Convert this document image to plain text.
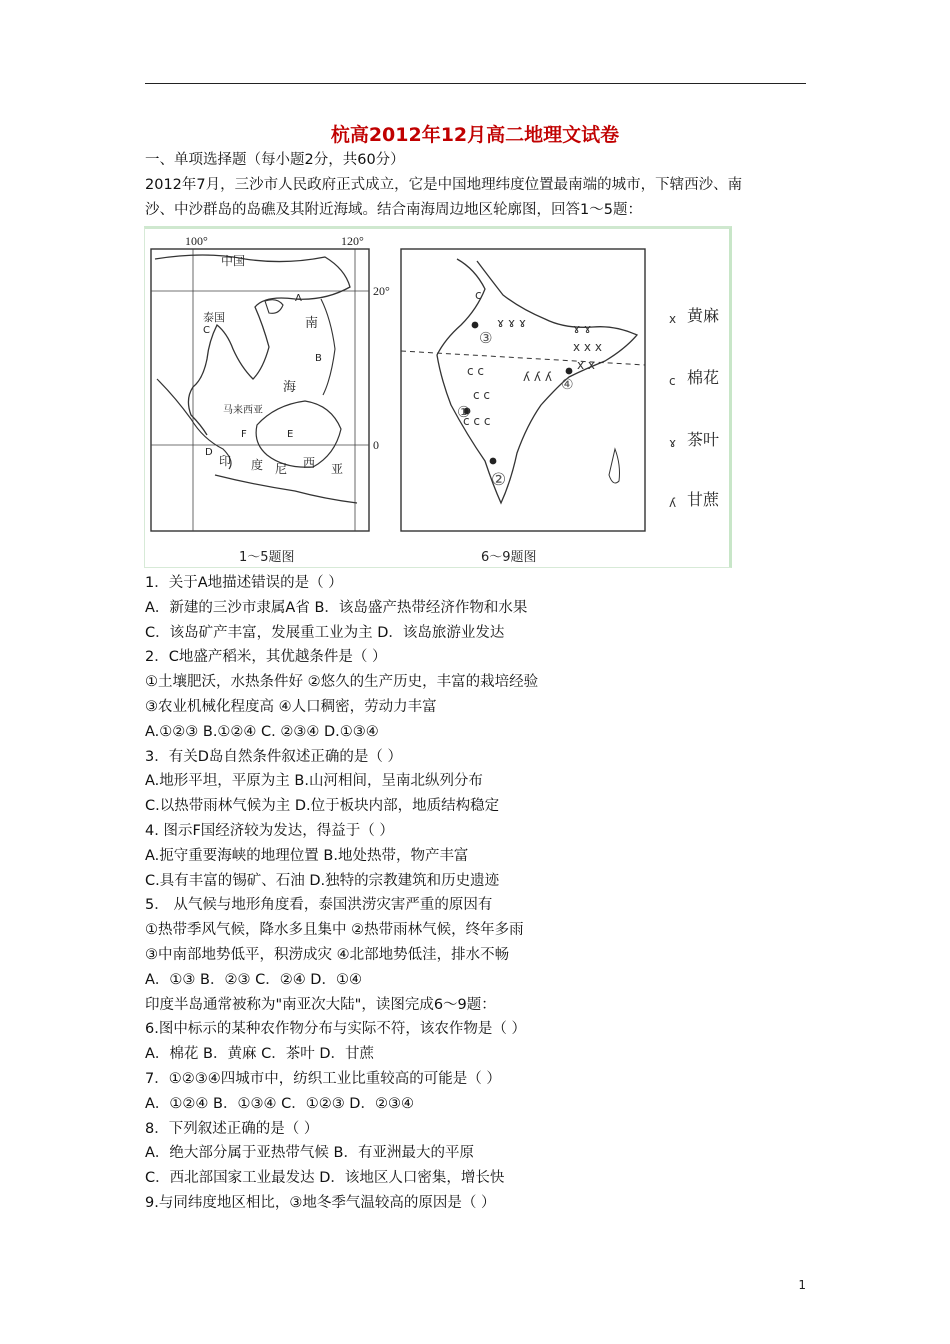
杭高2012年12月高二地理文试卷
一、单项选择题（每小题2分，共60分）
2012年7月，三沙市人民政府正式成立，它是中国地理纬度位置最南端的城市，下辖西沙、南
沙、中沙群岛的岛礁及其附近海域。结合南海周边地区轮廓图，回答1～5题：
100°	120°
20°
0
中国
泰国	南
海
马来西亚
印 度 尼 西 亚
A
B
C
D
E
F
1～5题图
c
c c
c c
c c c
ɤ ɤ ɤ	ɤ ɤ
ʎ ʎ ʎ
x x x
x x
③
④
①
②
6～9题图
x 黄麻
c 棉花
ɤ 茶叶
ʎ 甘蔗
1．关于A地描述错误的是（ ）
A．新建的三沙市隶属A省 B．该岛盛产热带经济作物和水果
C．该岛矿产丰富，发展重工业为主 D．该岛旅游业发达
2．C地盛产稻米，其优越条件是（ ）
①土壤肥沃，水热条件好 ②悠久的生产历史，丰富的栽培经验
③农业机械化程度高 ④人口稠密，劳动力丰富
A.①②③ B.①②④ C. ②③④ D.①③④
3．有关D岛自然条件叙述正确的是（ ）
A.地形平坦，平原为主 B.山河相间，呈南北纵列分布
C.以热带雨林气候为主 D.位于板块内部，地质结构稳定
4. 图示F国经济较为发达，得益于（ ）
A.扼守重要海峡的地理位置 B.地处热带，物产丰富
C.具有丰富的锡矿、石油 D.独特的宗教建筑和历史遗迹
5． 从气候与地形角度看，泰国洪涝灾害严重的原因有
①热带季风气候，降水多且集中 ②热带雨林气候，终年多雨
③中南部地势低平，积涝成灾 ④北部地势低洼，排水不畅
A．①③ B．②③ C．②④ D．①④
印度半岛通常被称为"南亚次大陆"，读图完成6～9题：
6.图中标示的某种农作物分布与实际不符，该农作物是（ ）
A．棉花 B．黄麻 C．茶叶 D．甘蔗
7．①②③④四城市中，纺织工业比重较高的可能是（ ）
A．①②④ B．①③④ C．①②③ D．②③④
8．下列叙述正确的是（ ）
A．绝大部分属于亚热带气候 B．有亚洲最大的平原
C．西北部国家工业最发达 D．该地区人口密集，增长快
9.与同纬度地区相比，③地冬季气温较高的原因是（ ）
1
